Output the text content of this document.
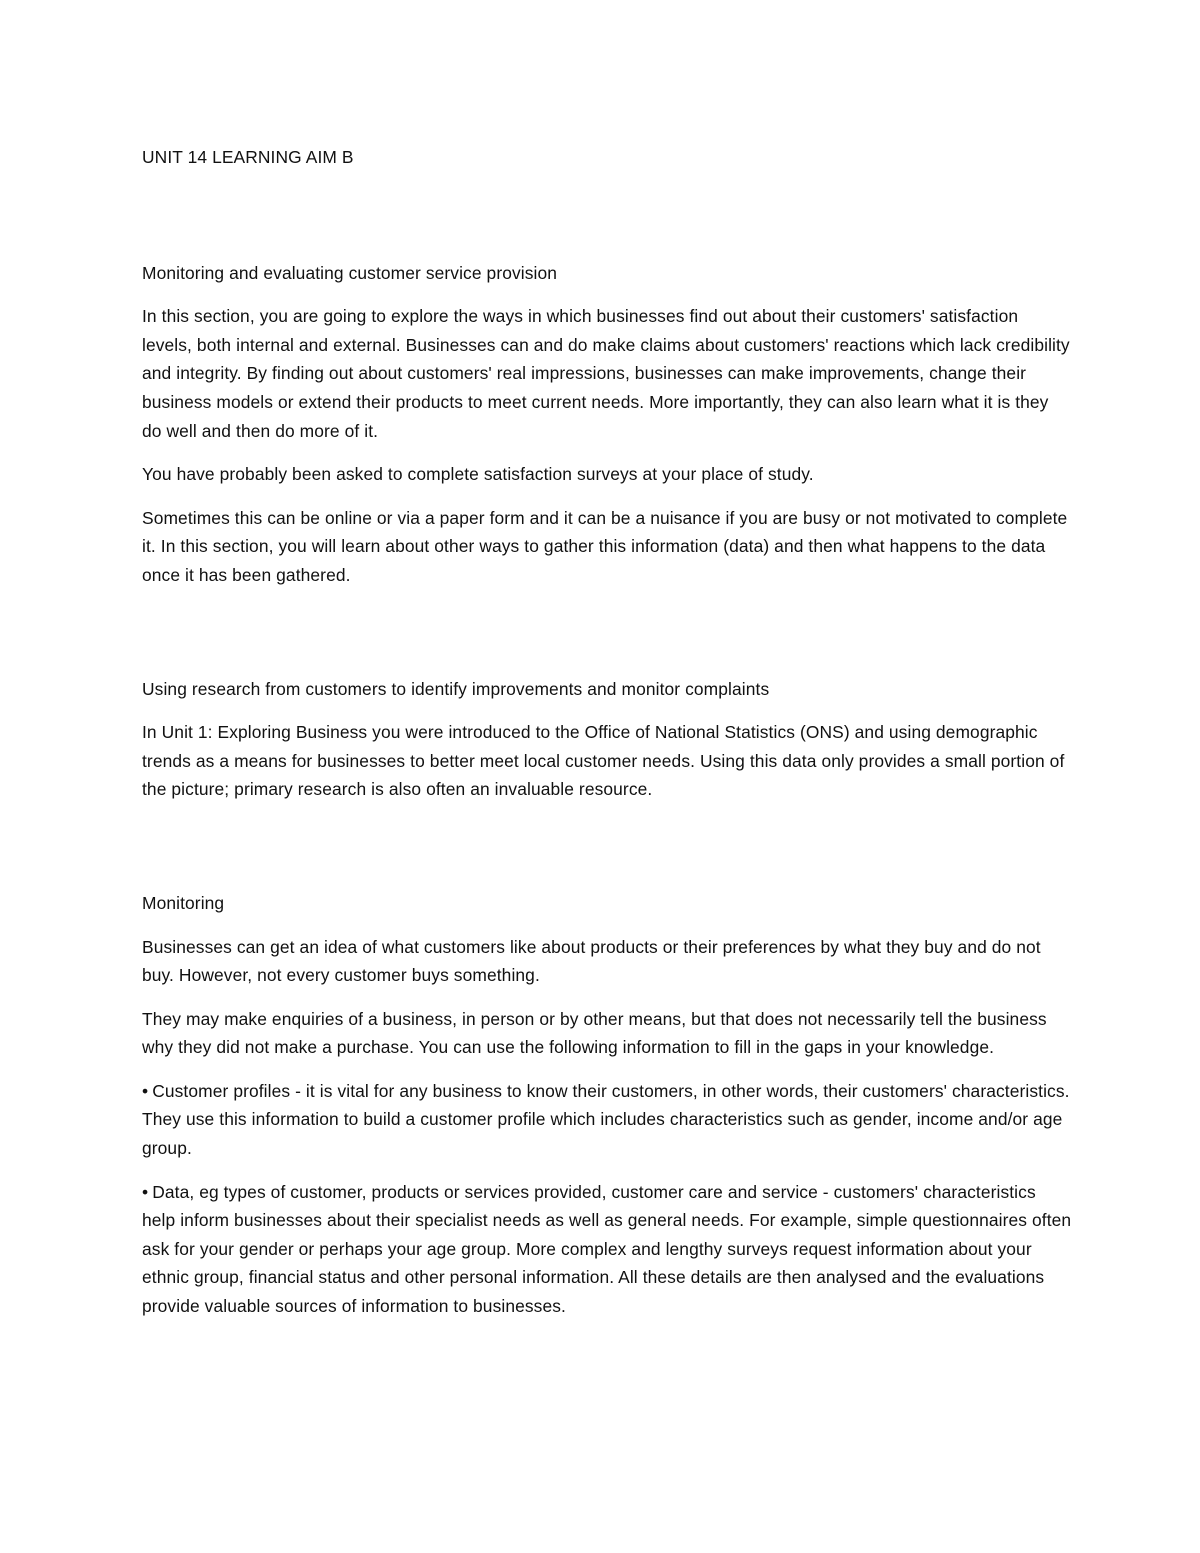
UNIT 14 LEARNING AIM B
Monitoring and evaluating customer service provision

In this section, you are going to explore the ways in which businesses find out about their customers' satisfaction levels, both internal and external. Businesses can and do make claims about customers' reactions which lack credibility and integrity. By finding out about customers' real impressions, businesses can make improvements, change their business models or extend their products to meet current needs. More importantly, they can also learn what it is they do well and then do more of it.

You have probably been asked to complete satisfaction surveys at your place of study.

Sometimes this can be online or via a paper form and it can be a nuisance if you are busy or not motivated to complete it. In this section, you will learn about other ways to gather this information (data) and then what happens to the data once it has been gathered.

Using research from customers to identify improvements and monitor complaints

In Unit 1: Exploring Business you were introduced to the Office of National Statistics (ONS) and using demographic trends as a means for businesses to better meet local customer needs. Using this data only provides a small portion of the picture; primary research is also often an invaluable resource.

Monitoring

Businesses can get an idea of what customers like about products or their preferences by what they buy and do not buy. However, not every customer buys something.

They may make enquiries of a business, in person or by other means, but that does not necessarily tell the business why they did not make a purchase. You can use the following information to fill in the gaps in your knowledge.

• Customer profiles - it is vital for any business to know their customers, in other words, their customers' characteristics. They use this information to build a customer profile which includes characteristics such as gender, income and/or age group.

• Data, eg types of customer, products or services provided, customer care and service - customers' characteristics help inform businesses about their specialist needs as well as general needs. For example, simple questionnaires often ask for your gender or perhaps your age group. More complex and lengthy surveys request information about your ethnic group, financial status and other personal information. All these details are then analysed and the evaluations provide valuable sources of information to businesses.
